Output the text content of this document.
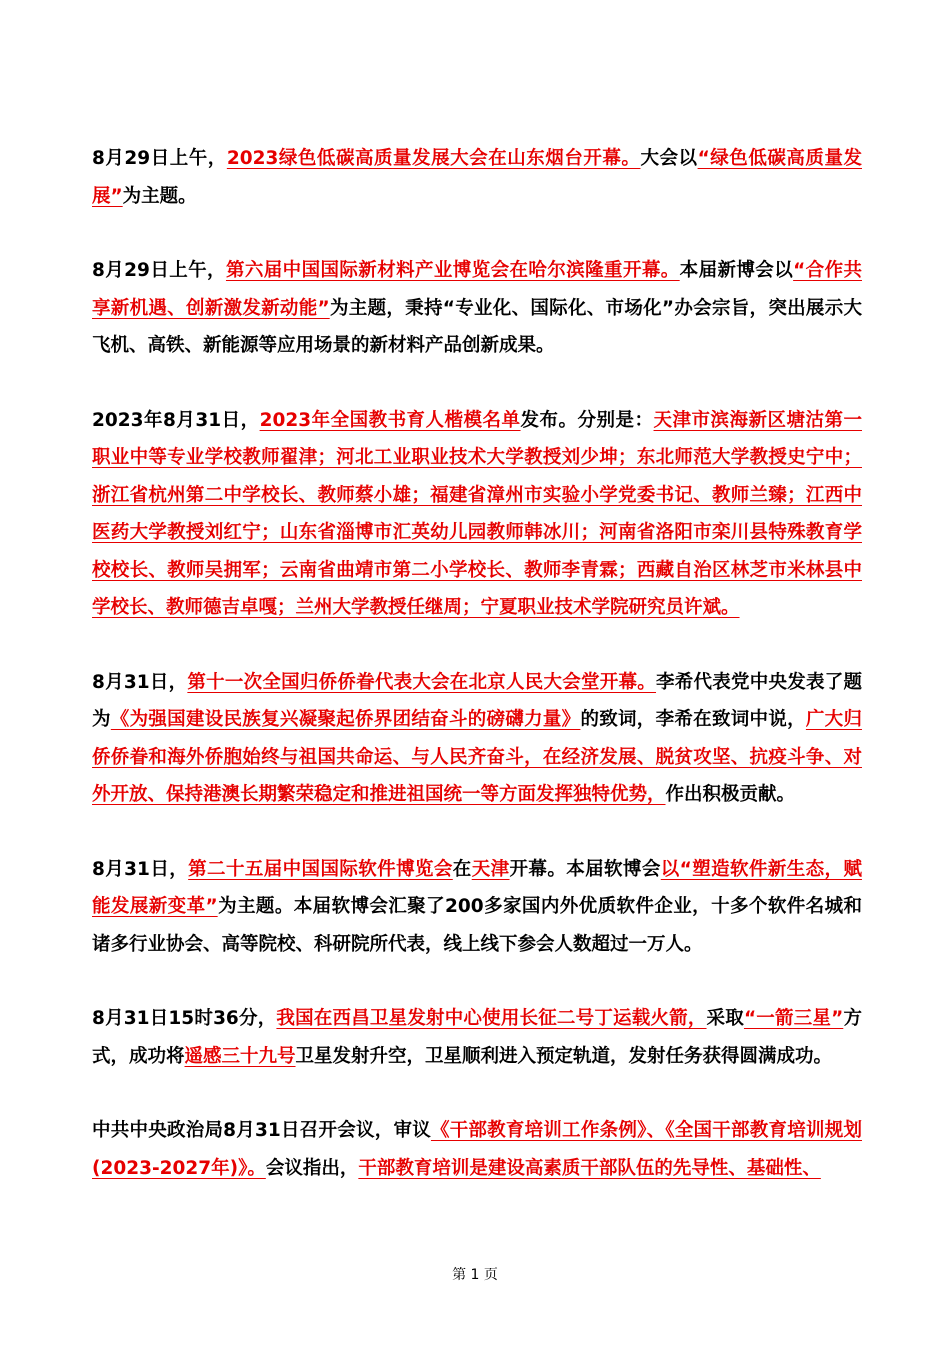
8月29日上午，2023绿色低碳高质量发展大会在山东烟台开幕。大会以“绿色低碳高质量发展”为主题。

8月29日上午，第六届中国国际新材料产业博览会在哈尔滨隆重开幕。本届新博会以“合作共享新机遇、创新激发新动能”为主题，秉持“专业化、国际化、市场化”办会宗旨，突出展示大飞机、高铁、新能源等应用场景的新材料产品创新成果。

2023年8月31日，2023年全国教书育人楷模名单发布。分别是：天津市滨海新区塘沽第一职业中等专业学校教师翟津；河北工业职业技术大学教授刘少坤；东北师范大学教授史宁中；浙江省杭州第二中学校长、教师蔡小雄；福建省漳州市实验小学党委书记、教师兰臻；江西中医药大学教授刘红宁；山东省淄博市汇英幼儿园教师韩冰川；河南省洛阳市栾川县特殊教育学校校长、教师吴拥军；云南省曲靖市第二小学校长、教师李青霖；西藏自治区林芝市米林县中学校长、教师德吉卓嘎；兰州大学教授任继周；宁夏职业技术学院研究员许斌。

8月31日，第十一次全国归侨侨眷代表大会在北京人民大会堂开幕。李希代表党中央发表了题为《为强国建设民族复兴凝聚起侨界团结奋斗的磅礴力量》的致词，李希在致词中说，广大归侨侨眷和海外侨胞始终与祖国共命运、与人民齐奋斗，在经济发展、脱贫攻坚、抗疫斗争、对外开放、保持港澳长期繁荣稳定和推进祖国统一等方面发挥独特优势，作出积极贡献。

8月31日，第二十五届中国国际软件博览会在天津开幕。本届软博会以“塑造软件新生态，赋能发展新变革”为主题。本届软博会汇聚了200多家国内外优质软件企业，十多个软件名城和诸多行业协会、高等院校、科研院所代表，线上线下参会人数超过一万人。

8月31日15时36分，我国在西昌卫星发射中心使用长征二号丁运载火箭，采取“一箭三星”方式，成功将遥感三十九号卫星发射升空，卫星顺利进入预定轨道，发射任务获得圆满成功。

中共中央政治局8月31日召开会议，审议《干部教育培训工作条例》、《全国干部教育培训规划(2023-2027年)》。会议指出，干部教育培训是建设高素质干部队伍的先导性、基础性、

第 1 页
